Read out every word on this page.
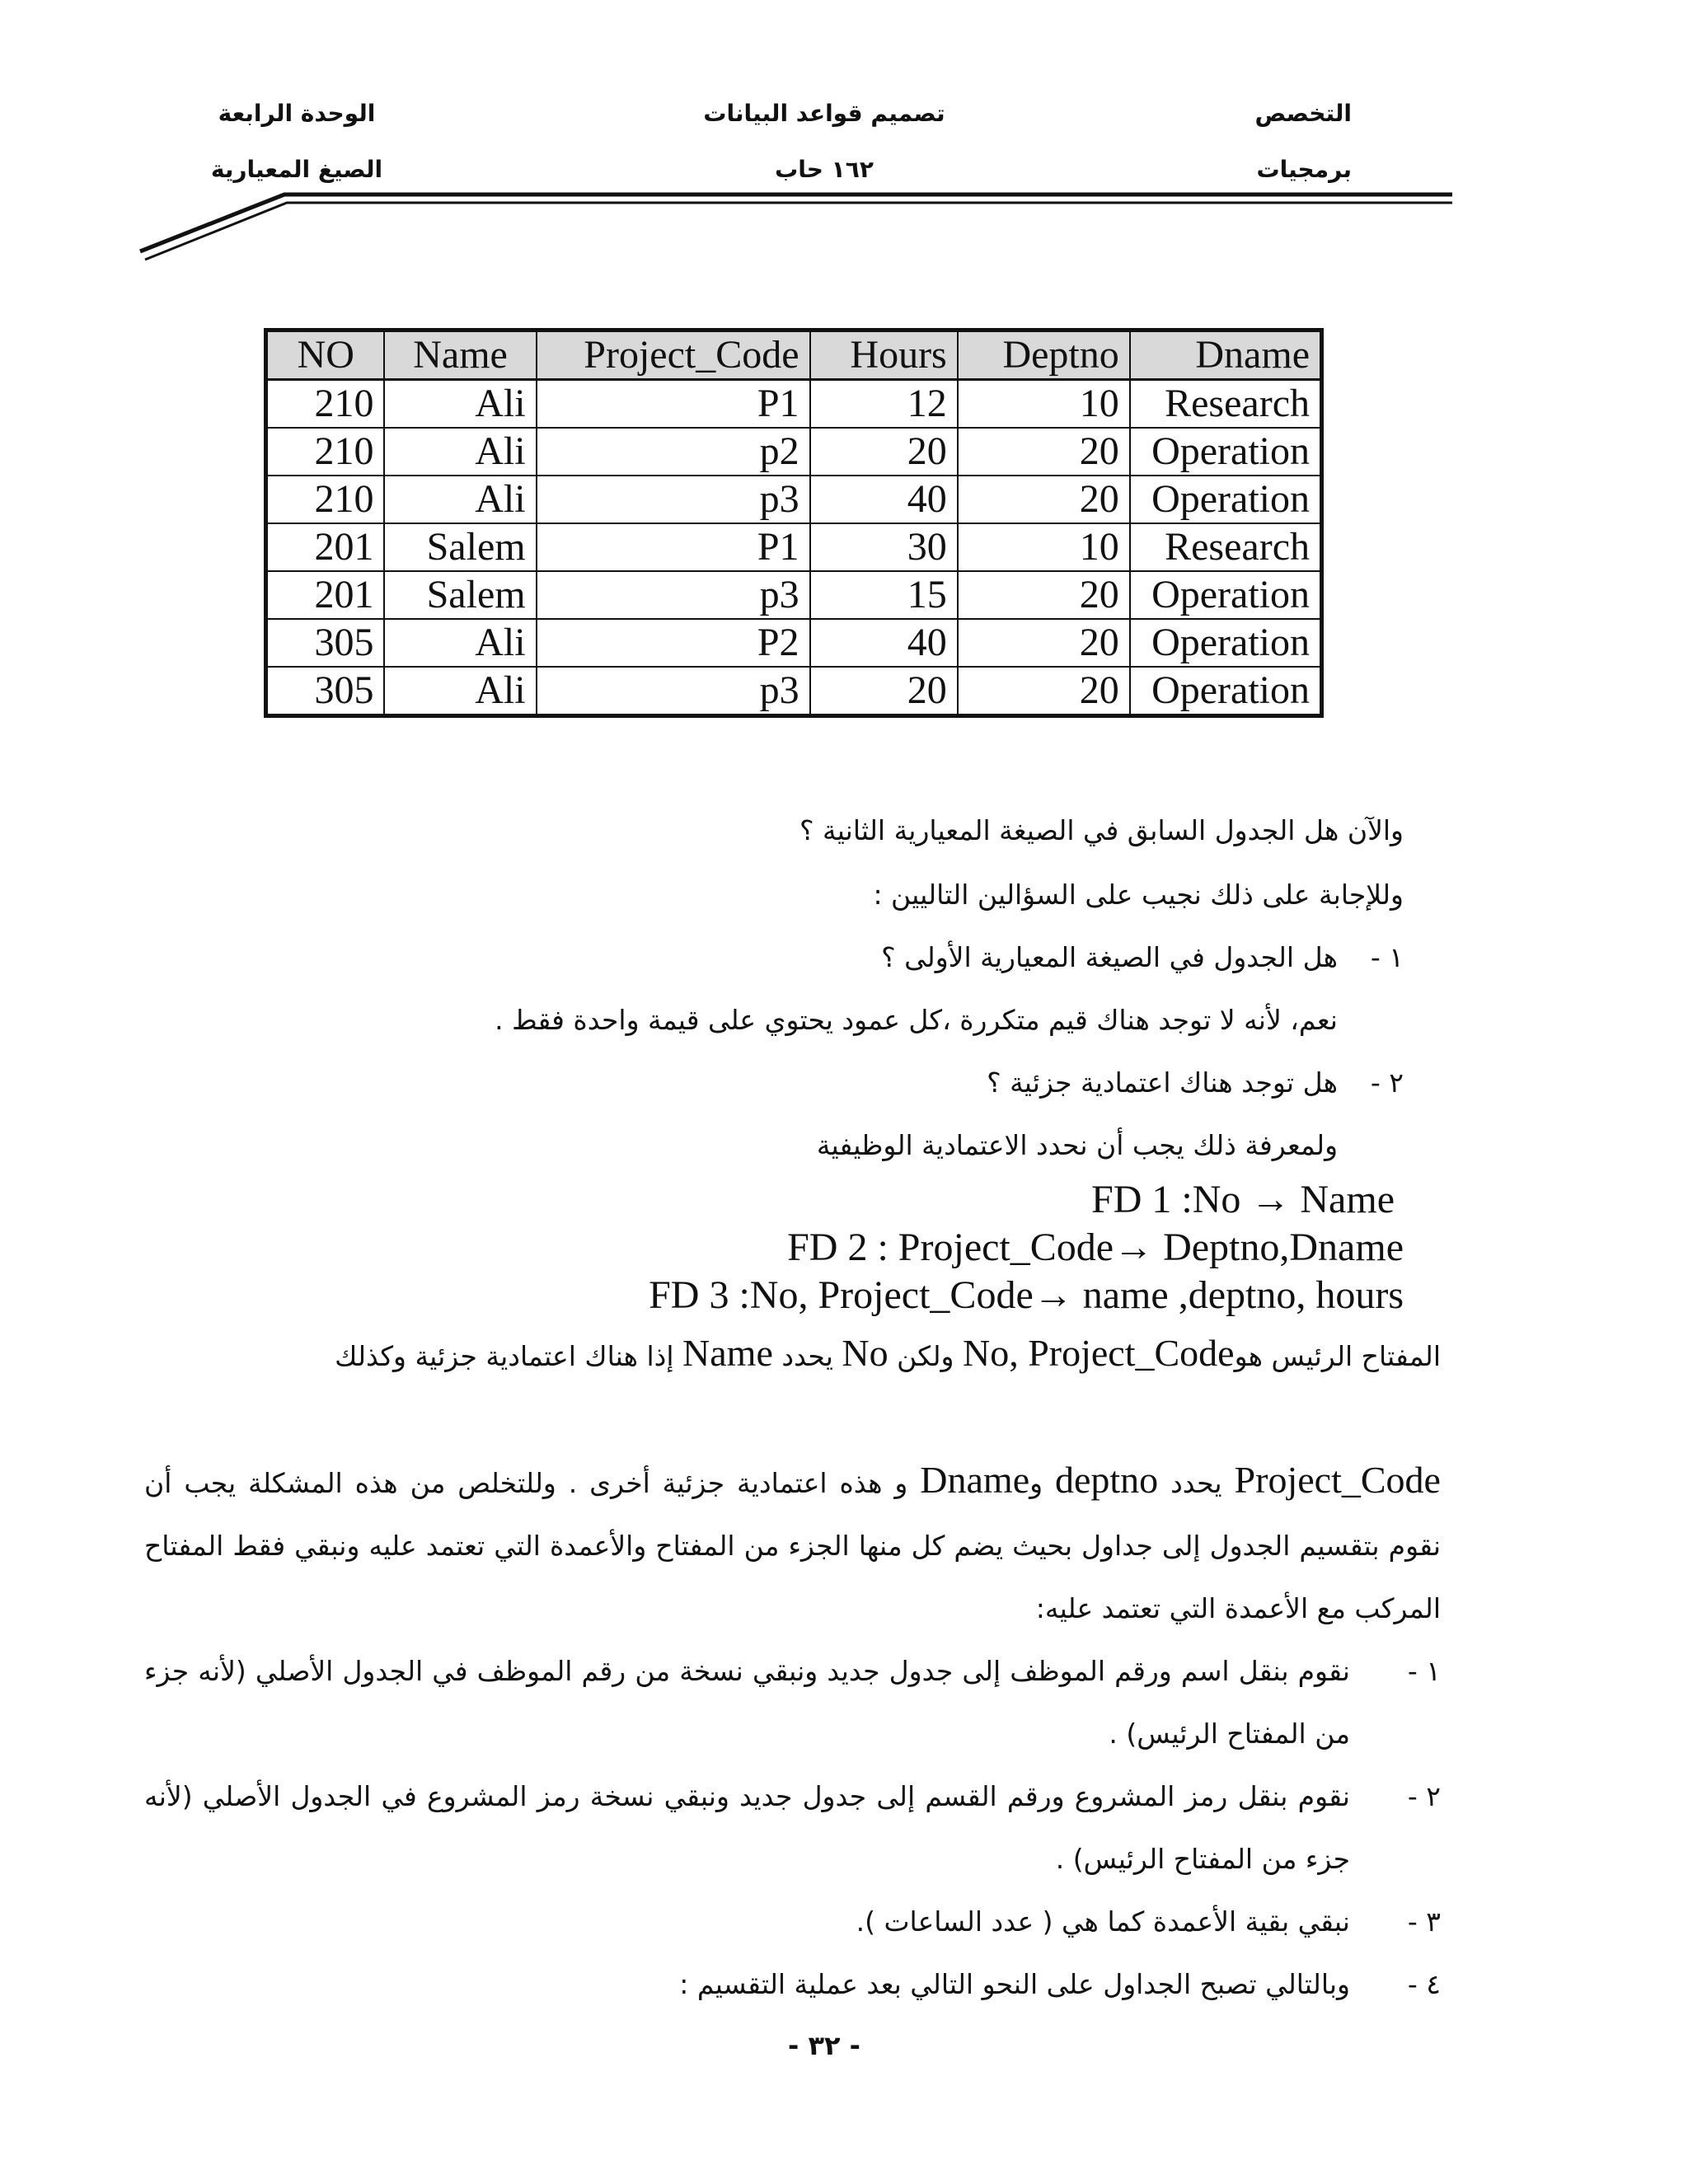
التخصص
برمجيات
تصميم قواعد البيانات
١٦٢ حاب
الوحدة الرابعة
الصيغ المعيارية
NO	Name	Project_Code	Hours	Deptno	Dname
210	Ali	P1	12	10	Research
210	Ali	p2	20	20	Operation
210	Ali	p3	40	20	Operation
201	Salem	P1	30	10	Research
201	Salem	p3	15	20	Operation
305	Ali	P2	40	20	Operation
305	Ali	p3	20	20	Operation
والآن هل الجدول السابق في الصيغة المعيارية الثانية ؟
وللإجابة على ذلك نجيب على السؤالين التاليين :
١ -هل الجدول في الصيغة المعيارية الأولى ؟
نعم، لأنه لا توجد هناك قيم متكررة ،كل عمود يحتوي على قيمة واحدة فقط .
٢ -هل توجد هناك اعتمادية جزئية ؟
ولمعرفة ذلك يجب أن نحدد الاعتمادية الوظيفية
FD 1 :No → Name
FD 2 : Project_Code→ Deptno,Dname
FD 3 :No, Project_Code→ name ,deptno, hours
المفتاح الرئيس هوNo, Project_Code ولكن No يحدد Name إذا هناك اعتمادية جزئية وكذلك
Project_Code يحدد deptno وDname و هذه اعتمادية جزئية أخرى . وللتخلص من هذه المشكلة يجب أن نقوم بتقسيم الجدول إلى جداول بحيث يضم كل منها الجزء من المفتاح والأعمدة التي تعتمد عليه ونبقي فقط المفتاح المركب مع الأعمدة التي تعتمد عليه:
١ -
نقوم بنقل اسم ورقم الموظف إلى جدول جديد ونبقي نسخة من رقم الموظف في الجدول الأصلي (لأنه جزء من المفتاح الرئيس) .
٢ -
نقوم بنقل رمز المشروع ورقم القسم إلى جدول جديد ونبقي نسخة رمز المشروع في الجدول الأصلي (لأنه جزء من المفتاح الرئيس) .
٣ -
نبقي بقية الأعمدة كما هي ( عدد الساعات ).
٤ -
وبالتالي تصبح الجداول على النحو التالي بعد عملية التقسيم :
- ٣٢ -
